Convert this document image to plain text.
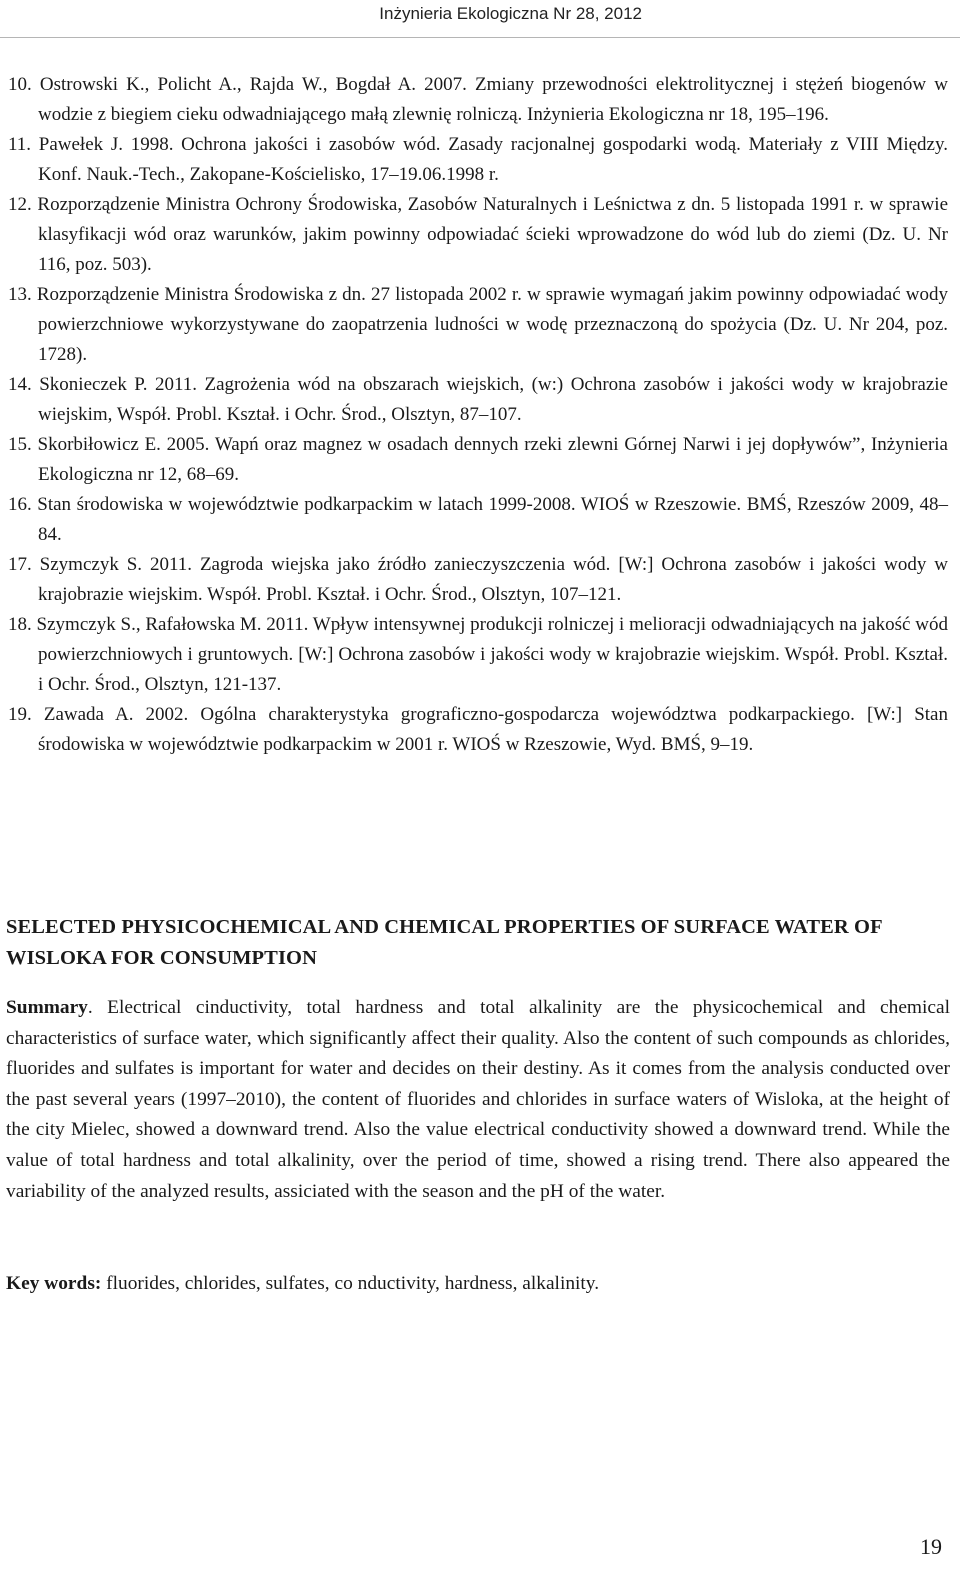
Inżynieria Ekologiczna Nr 28, 2012
10. Ostrowski K., Policht A., Rajda W., Bogdał A. 2007. Zmiany przewodności elektrolitycznej i stężeń biogenów w wodzie z biegiem cieku odwadniającego małą zlewnię rolniczą. Inżynieria Ekologiczna nr 18, 195–196.
11. Pawełek J. 1998. Ochrona jakości i zasobów wód. Zasady racjonalnej gospodarki wodą. Materiały z VIII Między. Konf. Nauk.-Tech., Zakopane-Kościelisko, 17–19.06.1998 r.
12. Rozporządzenie Ministra Ochrony Środowiska, Zasobów Naturalnych i Leśnictwa z dn. 5 listopada 1991 r. w sprawie klasyfikacji wód oraz warunków, jakim powinny odpowiadać ścieki wprowadzone do wód lub do ziemi (Dz. U. Nr 116, poz. 503).
13. Rozporządzenie Ministra Środowiska z dn. 27 listopada 2002 r. w sprawie wymagań jakim powinny odpowiadać wody powierzchniowe wykorzystywane do zaopatrzenia ludności w wodę przeznaczoną do spożycia (Dz. U. Nr 204, poz. 1728).
14. Skonieczek P. 2011. Zagrożenia wód na obszarach wiejskich, (w:) Ochrona zasobów i jakości wody w krajobrazie wiejskim, Współ. Probl. Kształ. i Ochr. Środ., Olsztyn, 87–107.
15. Skorbiłowicz E. 2005. Wapń oraz magnez w osadach dennych rzeki zlewni Górnej Narwi i jej dopływów”, Inżynieria Ekologiczna nr 12, 68–69.
16. Stan środowiska w województwie podkarpackim w latach 1999-2008. WIOŚ w Rzeszowie. BMŚ, Rzeszów 2009, 48–84.
17. Szymczyk S. 2011. Zagroda wiejska jako źródło zanieczyszczenia wód. [W:] Ochrona zasobów i jakości wody w krajobrazie wiejskim. Współ. Probl. Kształ. i Ochr. Środ., Olsztyn, 107–121.
18. Szymczyk S., Rafałowska M. 2011. Wpływ intensywnej produkcji rolniczej i melioracji odwadniających na jakość wód powierzchniowych i gruntowych. [W:] Ochrona zasobów i jakości wody w krajobrazie wiejskim. Współ. Probl. Kształ. i Ochr. Środ., Olsztyn, 121-137.
19. Zawada A. 2002. Ogólna charakterystyka grograficzno-gospodarcza województwa podkarpackiego. [W:] Stan środowiska w województwie podkarpackim w 2001 r. WIOŚ w Rzeszowie, Wyd. BMŚ, 9–19.
SELECTED PHYSICOCHEMICAL AND CHEMICAL PROPERTIES OF SURFACE WATER OF WISLOKA FOR CONSUMPTION

Summary. Electrical cinductivity, total hardness and total alkalinity are the physicochemical and chemical characteristics of surface water, which significantly affect their quality. Also the content of such compounds as chlorides, fluorides and sulfates is important for water and decides on their destiny. As it comes from the analysis conducted over the past several years (1997–2010), the content of fluorides and chlorides in surface waters of Wisloka, at the height of the city Mielec, showed a downward trend. Also the value electrical conductivity showed a downward trend. While the value of total hardness and total alkalinity, over the period of time, showed a rising trend. There also appeared the variability of the analyzed results, assiciated with the season and the pH of the water.

Key words: fluorides, chlorides, sulfates, co nductivity, hardness, alkalinity.

19
